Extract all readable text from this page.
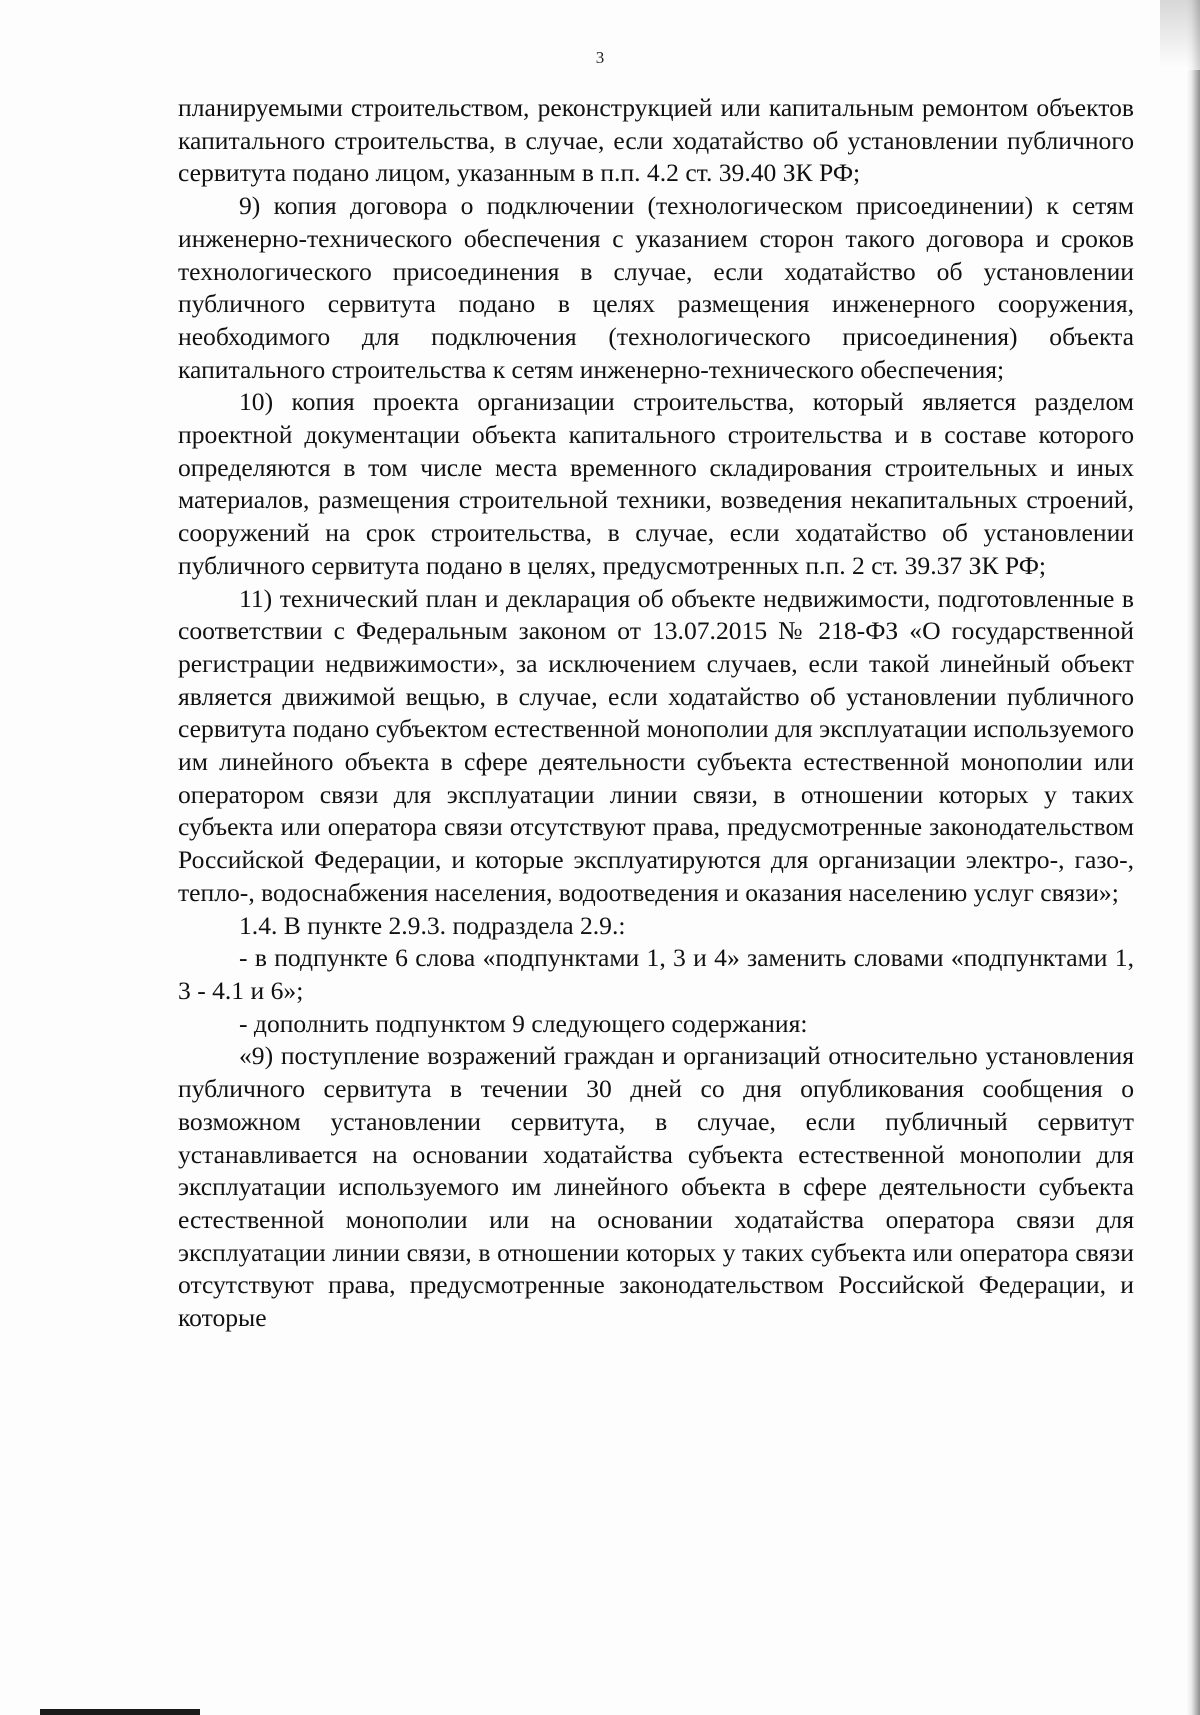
3

планируемыми строительством, реконструкцией или капитальным ремонтом объектов капитального строительства, в случае, если ходатайство об установлении публичного сервитута подано лицом, указанным в п.п. 4.2 ст. 39.40 ЗК РФ;

9) копия договора о подключении (технологическом присоединении) к сетям инженерно-технического обеспечения с указанием сторон такого договора и сроков технологического присоединения в случае, если ходатайство об установлении публичного сервитута подано в целях размещения инженерного сооружения, необходимого для подключения (технологического присоединения) объекта капитального строительства к сетям инженерно-технического обеспечения;

10) копия проекта организации строительства, который является разделом проектной документации объекта капитального строительства и в составе которого определяются в том числе места временного складирования строительных и иных материалов, размещения строительной техники, возведения некапитальных строений, сооружений на срок строительства, в случае, если ходатайство об установлении публичного сервитута подано в целях, предусмотренных п.п. 2 ст. 39.37 ЗК РФ;

11) технический план и декларация об объекте недвижимости, подготовленные в соответствии с Федеральным законом от 13.07.2015 № 218-ФЗ «О государственной регистрации недвижимости», за исключением случаев, если такой линейный объект является движимой вещью, в случае, если ходатайство об установлении публичного сервитута подано субъектом естественной монополии для эксплуатации используемого им линейного объекта в сфере деятельности субъекта естественной монополии или оператором связи для эксплуатации линии связи, в отношении которых у таких субъекта или оператора связи отсутствуют права, предусмотренные законодательством Российской Федерации, и которые эксплуатируются для организации электро-, газо-, тепло-, водоснабжения населения, водоотведения и оказания населению услуг связи»;

1.4. В пункте 2.9.3. подраздела 2.9.:

- в подпункте 6 слова «подпунктами 1, 3 и 4» заменить словами «подпунктами 1, 3 - 4.1 и 6»;

- дополнить подпунктом 9 следующего содержания:

«9) поступление возражений граждан и организаций относительно установления публичного сервитута в течении 30 дней со дня опубликования сообщения о возможном установлении сервитута, в случае, если публичный сервитут устанавливается на основании ходатайства субъекта естественной монополии для эксплуатации используемого им линейного объекта в сфере деятельности субъекта естественной монополии или на основании ходатайства оператора связи для эксплуатации линии связи, в отношении которых у таких субъекта или оператора связи отсутствуют права, предусмотренные законодательством Российской Федерации, и которые
